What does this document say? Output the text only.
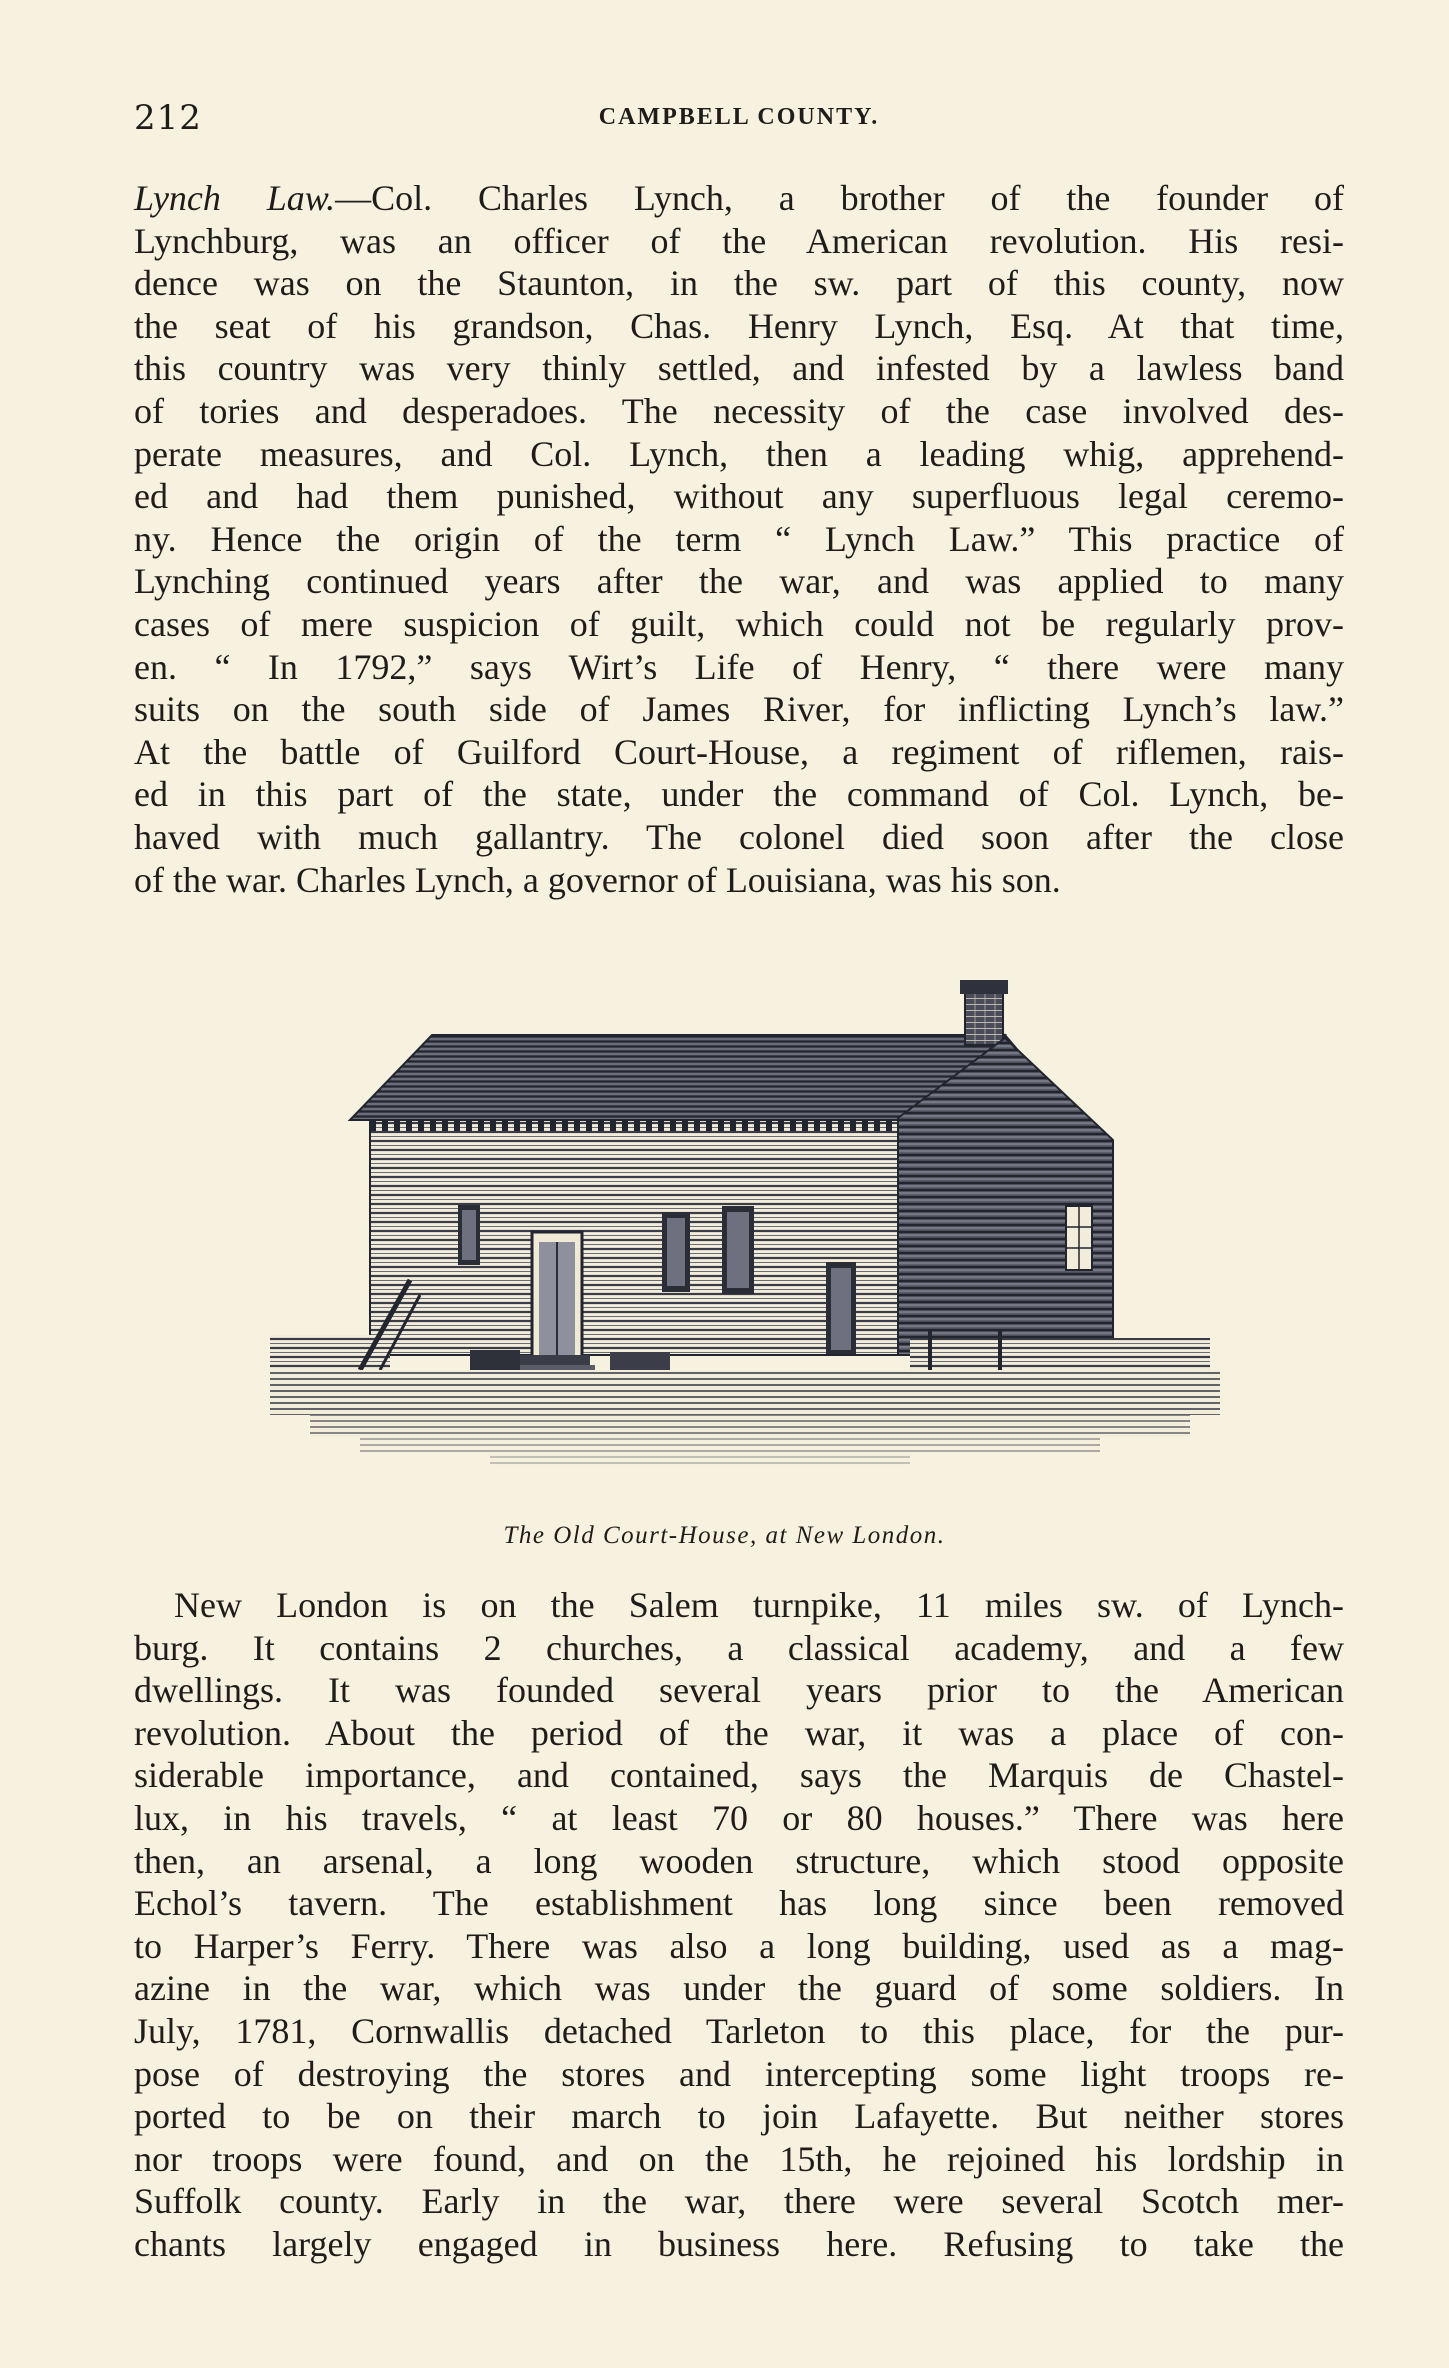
212	CAMPBELL COUNTY.

Lynch Law.—Col. Charles Lynch, a brother of the founder of
Lynchburg, was an officer of the American revolution. His resi-
dence was on the Staunton, in the sw. part of this county, now
the seat of his grandson, Chas. Henry Lynch, Esq. At that time,
this country was very thinly settled, and infested by a lawless band
of tories and desperadoes. The necessity of the case involved des-
perate measures, and Col. Lynch, then a leading whig, apprehend-
ed and had them punished, without any superfluous legal ceremo-
ny. Hence the origin of the term “ Lynch Law.” This practice of
Lynching continued years after the war, and was applied to many
cases of mere suspicion of guilt, which could not be regularly prov-
en. “ In 1792,” says Wirt’s Life of Henry, “ there were many
suits on the south side of James River, for inflicting Lynch’s law.”
At the battle of Guilford Court-House, a regiment of riflemen, rais-
ed in this part of the state, under the command of Col. Lynch, be-
haved with much gallantry. The colonel died soon after the close
of the war. Charles Lynch, a governor of Louisiana, was his son.

The Old Court-House, at New London.

New London is on the Salem turnpike, 11 miles sw. of Lynch-
burg. It contains 2 churches, a classical academy, and a few
dwellings. It was founded several years prior to the American
revolution. About the period of the war, it was a place of con-
siderable importance, and contained, says the Marquis de Chastel-
lux, in his travels, “ at least 70 or 80 houses.” There was here
then, an arsenal, a long wooden structure, which stood opposite
Echol’s tavern. The establishment has long since been removed
to Harper’s Ferry. There was also a long building, used as a mag-
azine in the war, which was under the guard of some soldiers. In
July, 1781, Cornwallis detached Tarleton to this place, for the pur-
pose of destroying the stores and intercepting some light troops re-
ported to be on their march to join Lafayette. But neither stores
nor troops were found, and on the 15th, he rejoined his lordship in
Suffolk county. Early in the war, there were several Scotch mer-
chants largely engaged in business here. Refusing to take the
